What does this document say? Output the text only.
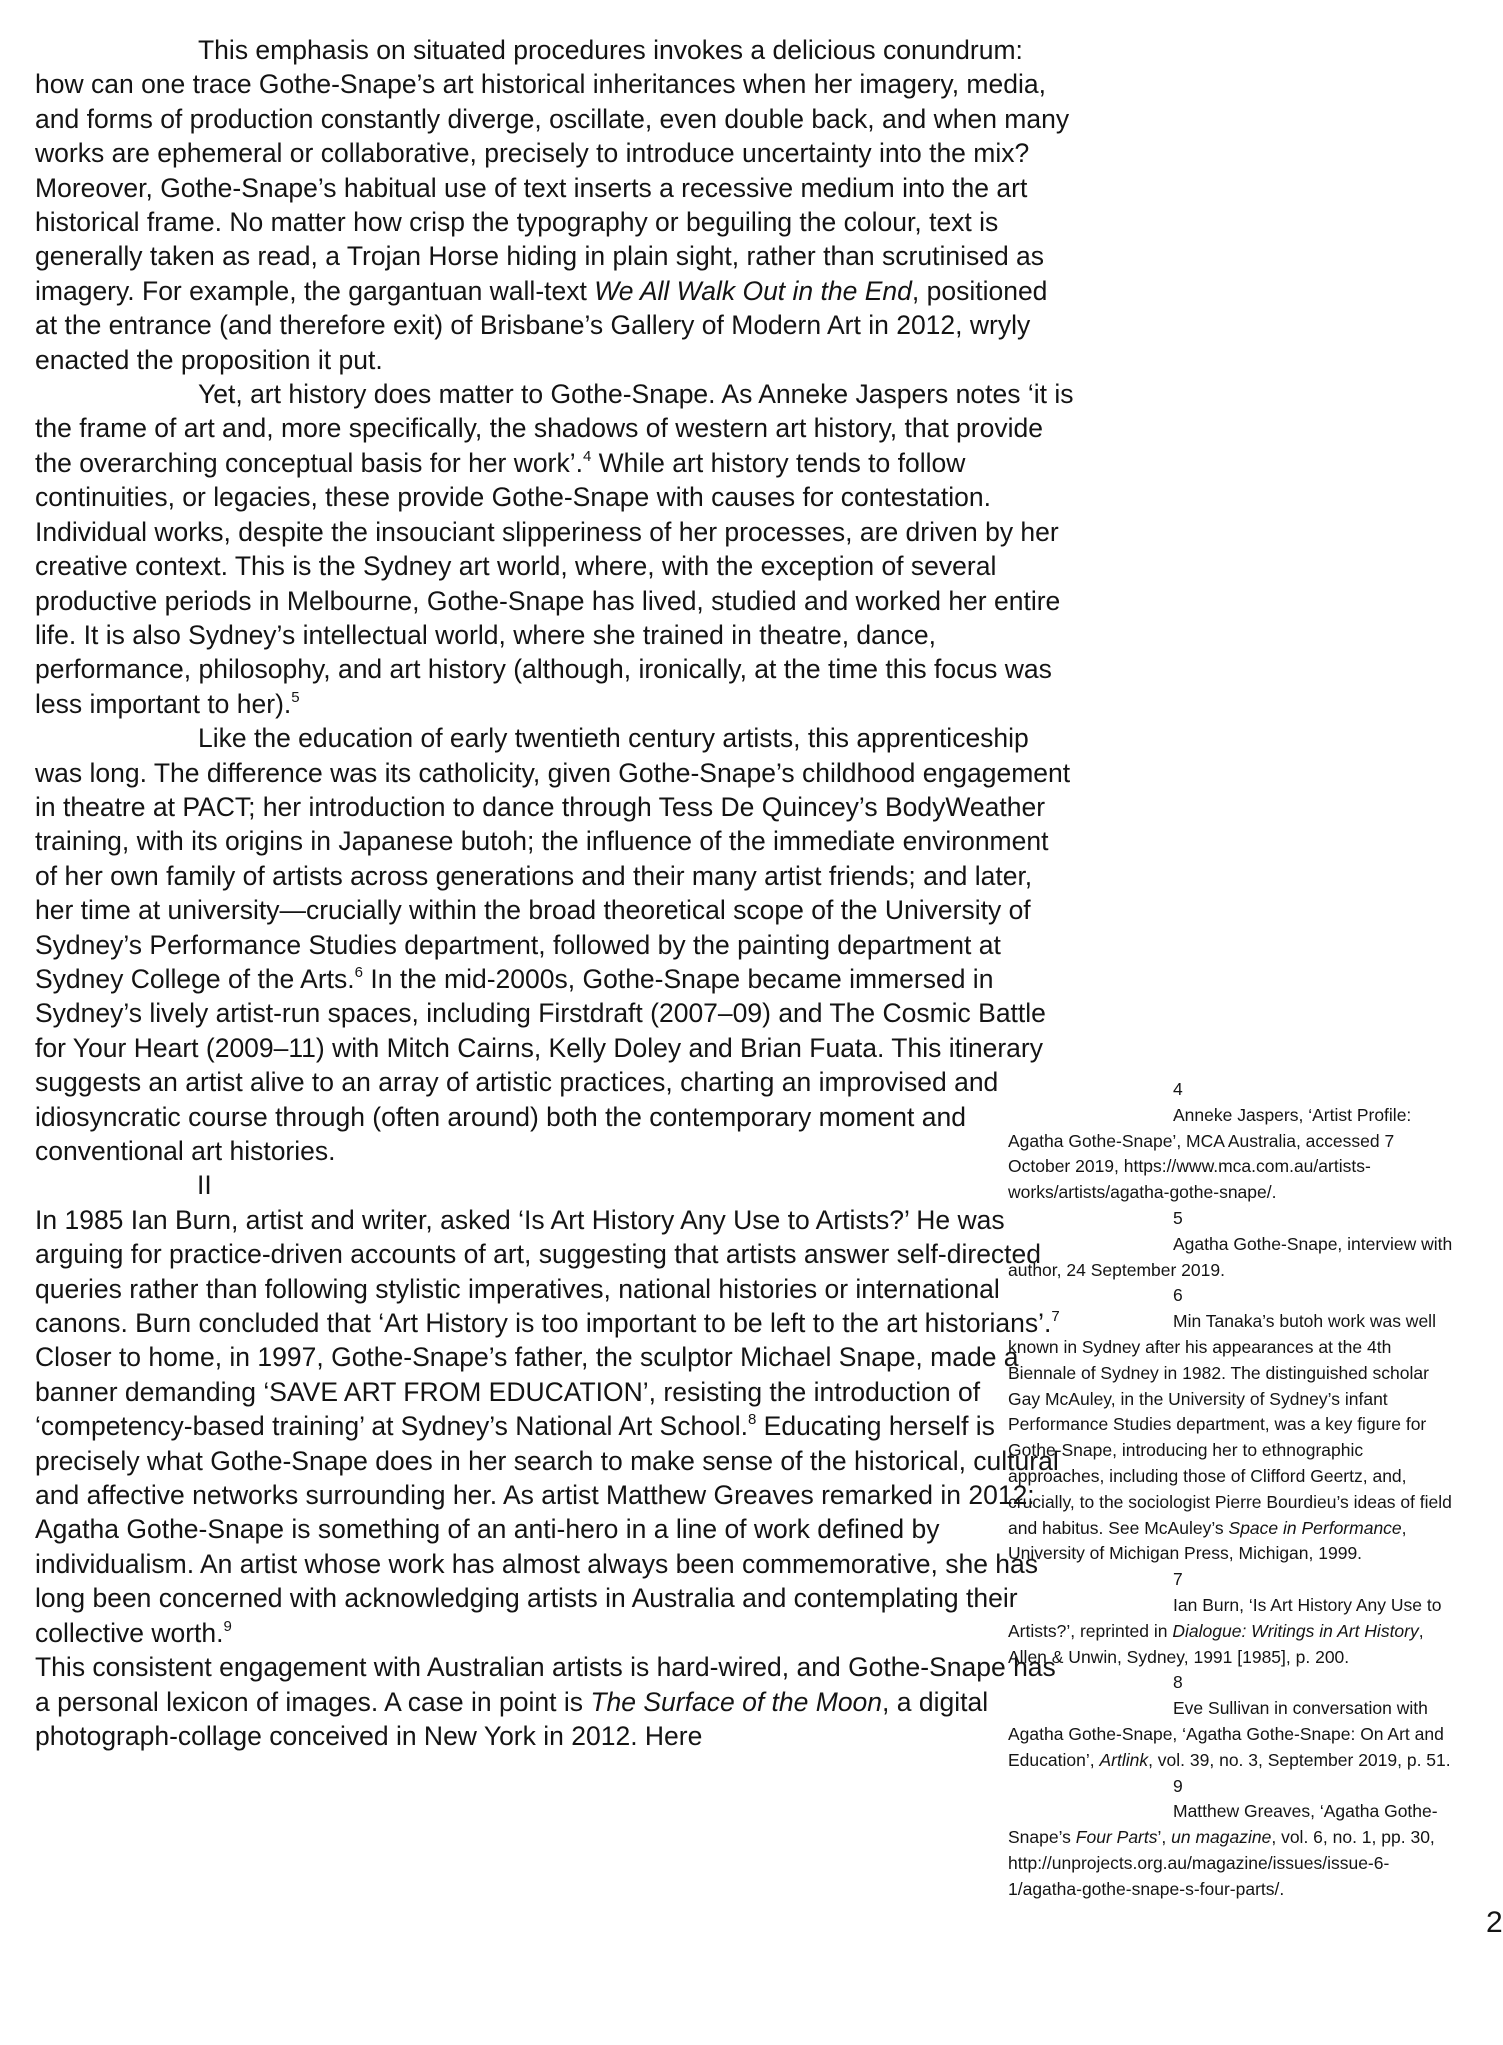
This emphasis on situated procedures invokes a delicious conundrum: how can one trace Gothe-Snape’s art historical inheritances when her imagery, media, and forms of production constantly diverge, oscillate, even double back, and when many works are ephemeral or collaborative, precisely to introduce uncertainty into the mix? Moreover, Gothe-Snape’s habitual use of text inserts a recessive medium into the art historical frame. No matter how crisp the typography or beguiling the colour, text is generally taken as read, a Trojan Horse hiding in plain sight, rather than scrutinised as imagery. For example, the gargantuan wall-text We All Walk Out in the End, positioned at the entrance (and therefore exit) of Brisbane’s Gallery of Modern Art in 2012, wryly enacted the proposition it put.

Yet, art history does matter to Gothe-Snape. As Anneke Jaspers notes ‘it is the frame of art and, more specifically, the shadows of western art history, that provide the overarching conceptual basis for her work’.$^4$ While art history tends to follow continuities, or legacies, these provide Gothe-Snape with causes for contestation. Individual works, despite the insouciant slipperiness of her processes, are driven by her creative context. This is the Sydney art world, where, with the exception of several productive periods in Melbourne, Gothe-Snape has lived, studied and worked her entire life. It is also Sydney’s intellectual world, where she trained in theatre, dance, performance, philosophy, and art history (although, ironically, at the time this focus was less important to her).$^5$

Like the education of early twentieth century artists, this apprenticeship was long. The difference was its catholicity, given Gothe-Snape’s childhood engagement in theatre at PACT; her introduction to dance through Tess De Quincey’s BodyWeather training, with its origins in Japanese butoh; the influence of the immediate environment of her own family of artists across generations and their many artist friends; and later, her time at university—crucially within the broad theoretical scope of the University of Sydney’s Performance Studies department, followed by the painting department at Sydney College of the Arts.$^6$ In the mid-2000s, Gothe-Snape became immersed in Sydney’s lively artist-run spaces, including Firstdraft (2007–09) and The Cosmic Battle for Your Heart (2009–11) with Mitch Cairns, Kelly Doley and Brian Fuata. This itinerary suggests an artist alive to an array of artistic practices, charting an improvised and idiosyncratic course through (often around) both the contemporary moment and conventional art histories.

II

In 1985 Ian Burn, artist and writer, asked ‘Is Art History Any Use to Artists?’ He was arguing for practice-driven accounts of art, suggesting that artists answer self-directed queries rather than following stylistic imperatives, national histories or international canons. Burn concluded that ‘Art History is too important to be left to the art historians’.$^7$ Closer to home, in 1997, Gothe-Snape’s father, the sculptor Michael Snape, made a banner demanding ‘SAVE ART FROM EDUCATION’, resisting the introduction of ‘competency-based training’ at Sydney’s National Art School.$^8$ Educating herself is precisely what Gothe-Snape does in her search to make sense of the historical, cultural and affective networks surrounding her. As artist Matthew Greaves remarked in 2012:

Agatha Gothe-Snape is something of an anti-hero in a line of work defined by individualism. An artist whose work has almost always been commemorative, she has long been concerned with acknowledging artists in Australia and contemplating their collective worth.$^9$

This consistent engagement with Australian artists is hard-wired, and Gothe-Snape has a personal lexicon of images. A case in point is The Surface of the Moon, a digital photograph-collage conceived in New York in 2012. Here

4
Anneke Jaspers, ‘Artist Profile: Agatha Gothe-Snape’, MCA Australia, accessed 7 October 2019, https://www.mca.com.au/artists-works/artists/agatha-gothe-snape/.
5
Agatha Gothe-Snape, interview with author, 24 September 2019.
6
Min Tanaka’s butoh work was well known in Sydney after his appearances at the 4th Biennale of Sydney in 1982. The distinguished scholar Gay McAuley, in the University of Sydney’s infant Performance Studies department, was a key figure for Gothe-Snape, introducing her to ethnographic approaches, including those of Clifford Geertz, and, crucially, to the sociologist Pierre Bourdieu’s ideas of field and habitus. See McAuley’s Space in Performance, University of Michigan Press, Michigan, 1999.
7
Ian Burn, ‘Is Art History Any Use to Artists?’, reprinted in Dialogue: Writings in Art History, Allen & Unwin, Sydney, 1991 [1985], p. 200.
8
Eve Sullivan in conversation with Agatha Gothe-Snape, ‘Agatha Gothe-Snape: On Art and Education’, Artlink, vol. 39, no. 3, September 2019, p. 51.
9
Matthew Greaves, ‘Agatha Gothe-Snape’s Four Parts’, un magazine, vol. 6, no. 1, pp. 30, http://unprojects.org.au/magazine/issues/issue-6-1/agatha-gothe-snape-s-four-parts/.
2
